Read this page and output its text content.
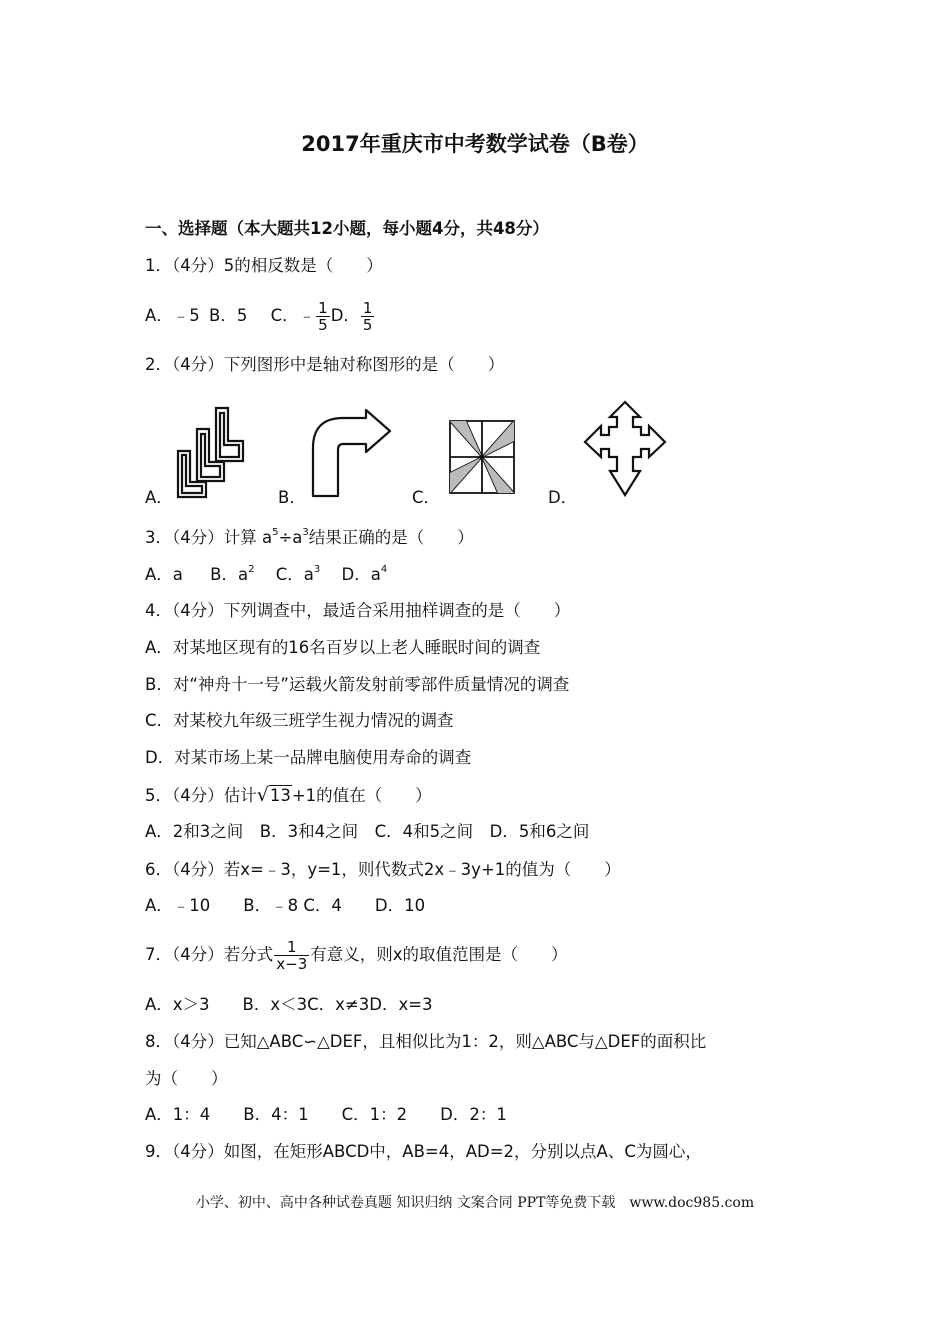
2017年重庆市中考数学试卷（B卷）
一、选择题（本大题共12小题，每小题4分，共48分）
1．（4分）5的相反数是（　　）
A．﹣5 B．5 C．﹣ $\frac{1}{5}$ D． $\frac{1}{5}$
2．（4分）下列图形中是轴对称图形的是（　　）
A．	B．	C．	D．
3．（4分）计算 $a^5\div a^3$结果正确的是（　　）
A．a B．$a^2$ C．$a^3$ D．$a^4$
4．（4分）下列调查中，最适合采用抽样调查的是（　　）
A．对某地区现有的16名百岁以上老人睡眠时间的调查
B．对“神舟十一号”运载火箭发射前零部件质量情况的调查
C．对某校九年级三班学生视力情况的调查
D．对某市场上某一品牌电脑使用寿命的调查
5．（4分）估计√13+1的值在（　　）
A．2和3之间　B．3和4之间　C．4和5之间　D．5和6之间
6．（4分）若x=﹣3，y=1，则代数式2x﹣3y+1的值为（　　）
A．﹣10　　B．﹣8 C．4　　D．10
7．（4分）若分式 $\frac{1}{x-3}$ 有意义，则x的取值范围是（　　）
A．x＞3　　B．x＜3C．x≠3D．x=3
8．（4分）已知△ABC∽△DEF，且相似比为1：2，则△ABC与△DEF的面积比
为（　　）
A．1：4　　B．4：1　　C．1：2　　D．2：1
9．（4分）如图，在矩形ABCD中，AB=4，AD=2，分别以点A、C为圆心，
小学、初中、高中各种试卷真题 知识归纳 文案合同 PPT等免费下载　www.doc985.com
